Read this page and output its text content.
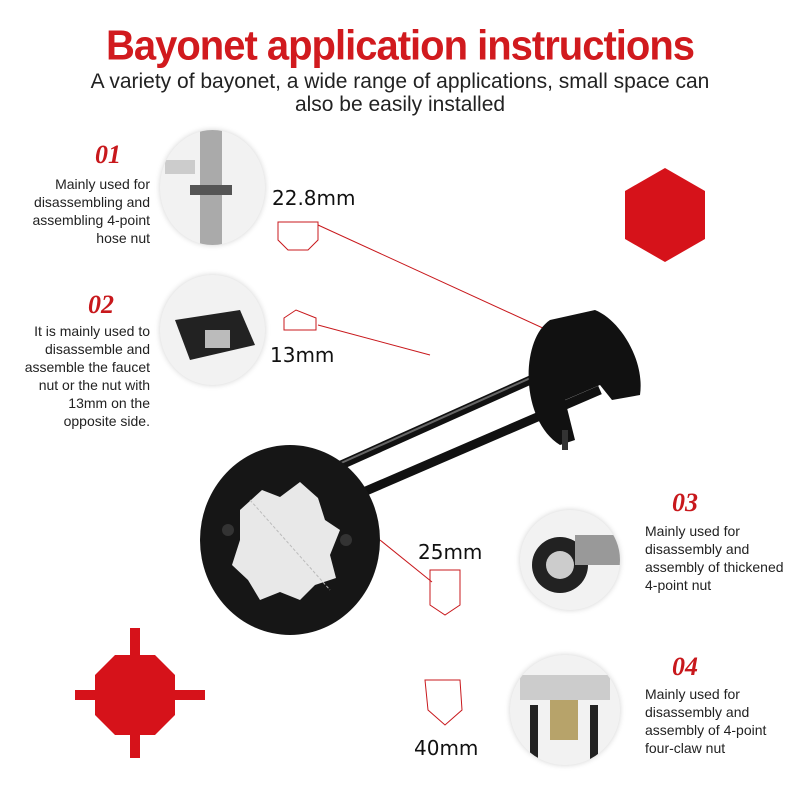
Bayonet application instructions
A variety of bayonet, a wide range of applications, small space can also be easily installed
01
Mainly used for disassembling and assembling 4-point hose nut
02
It is mainly used to disassemble and assemble the faucet nut or the nut with 13mm on the opposite side.
03
Mainly used for disassembly and assembly of thickened 4-point nut
04
Mainly used for disassembly and assembly of 4-point four-claw nut
22.8mm
13mm
25mm
40mm
